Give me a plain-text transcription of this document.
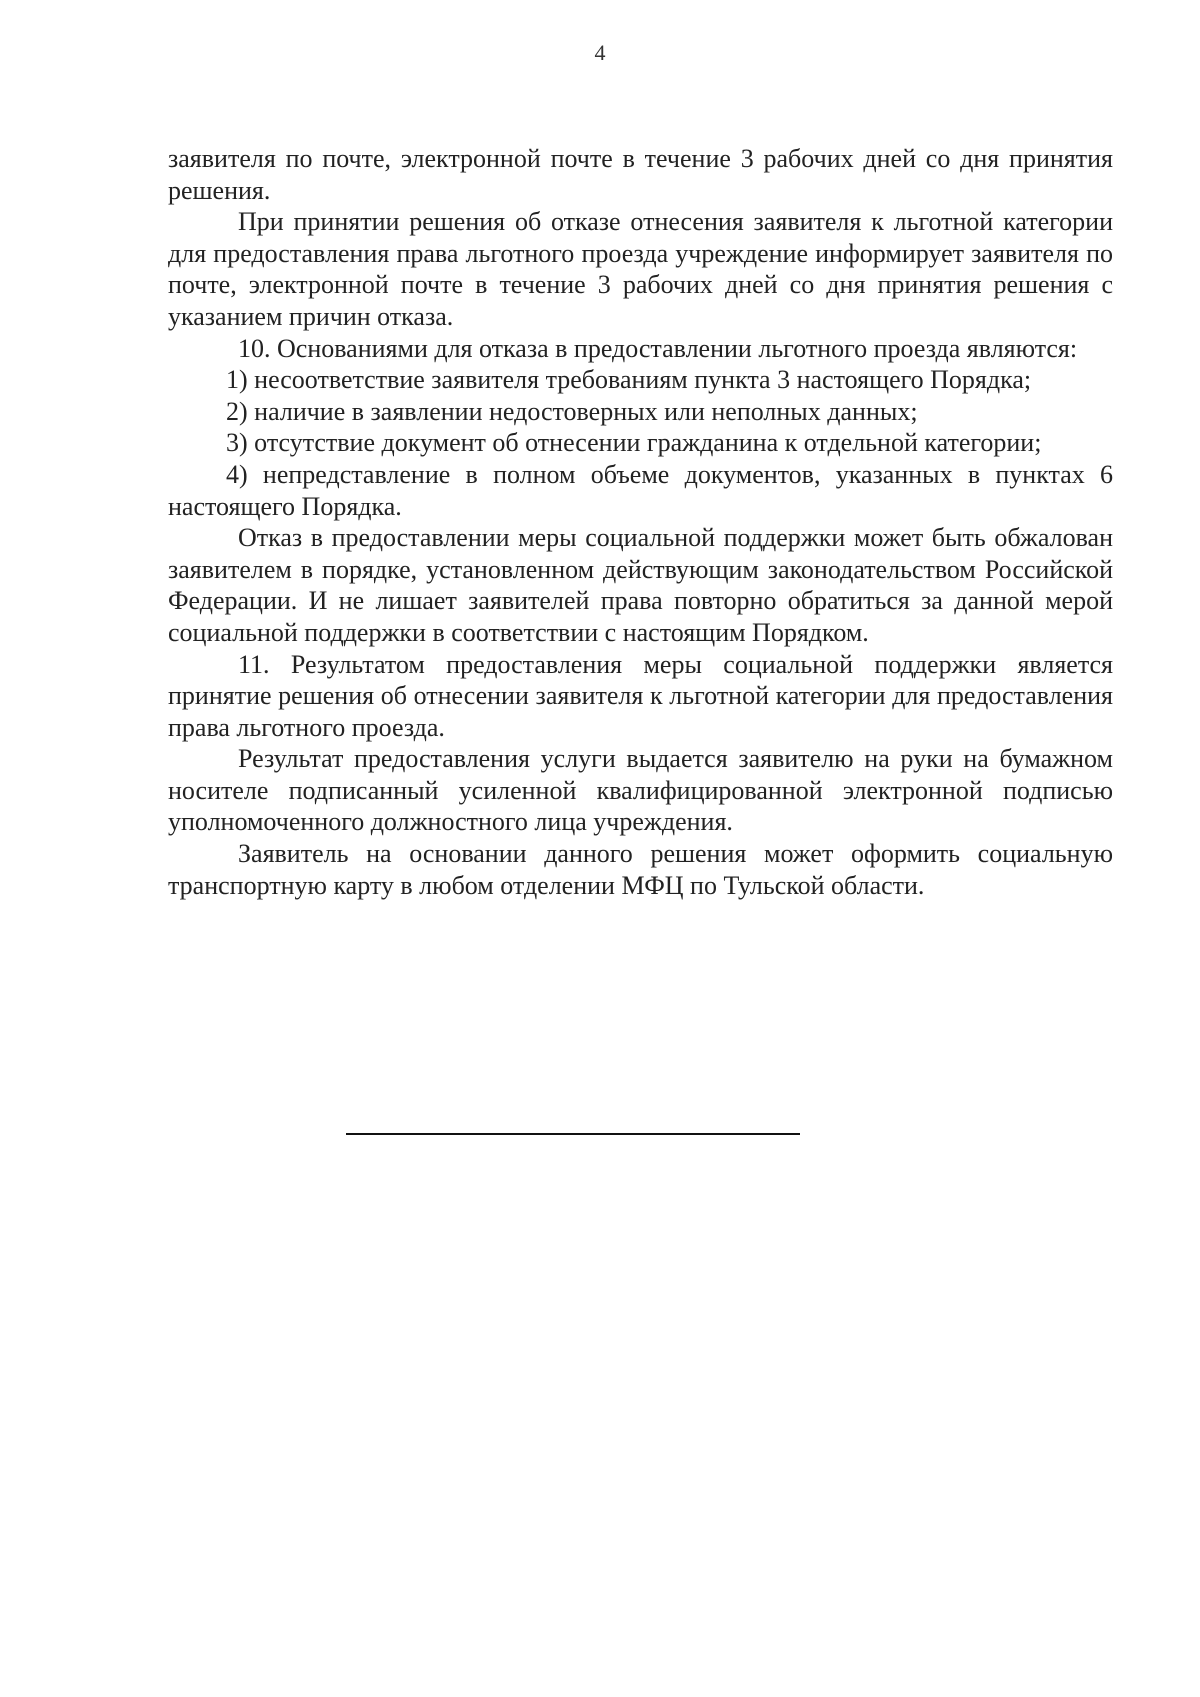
4

заявителя по почте, электронной почте в течение 3 рабочих дней со дня принятия решения.

При принятии решения об отказе отнесения заявителя к льготной категории для предоставления права льготного проезда учреждение информирует заявителя по почте, электронной почте в течение 3 рабочих дней со дня принятия решения с указанием причин отказа.

10. Основаниями для отказа в предоставлении льготного проезда являются:

1) несоответствие заявителя требованиям пункта 3 настоящего Порядка;

2) наличие в заявлении недостоверных или неполных данных;

3) отсутствие документ об отнесении гражданина к отдельной категории;

4) непредставление в полном объеме документов, указанных в пунктах 6 настоящего Порядка.

Отказ в предоставлении меры социальной поддержки может быть обжалован заявителем в порядке, установленном действующим законодательством Российской Федерации. И не лишает заявителей права повторно обратиться за данной мерой социальной поддержки в соответствии с настоящим Порядком.

11. Результатом предоставления меры социальной поддержки является принятие решения об отнесении заявителя к льготной категории для предоставления права льготного проезда.

Результат предоставления услуги выдается заявителю на руки на бумажном носителе подписанный усиленной квалифицированной электронной подписью уполномоченного должностного лица учреждения.

Заявитель на основании данного решения может оформить социальную транспортную карту в любом отделении МФЦ по Тульской области.
